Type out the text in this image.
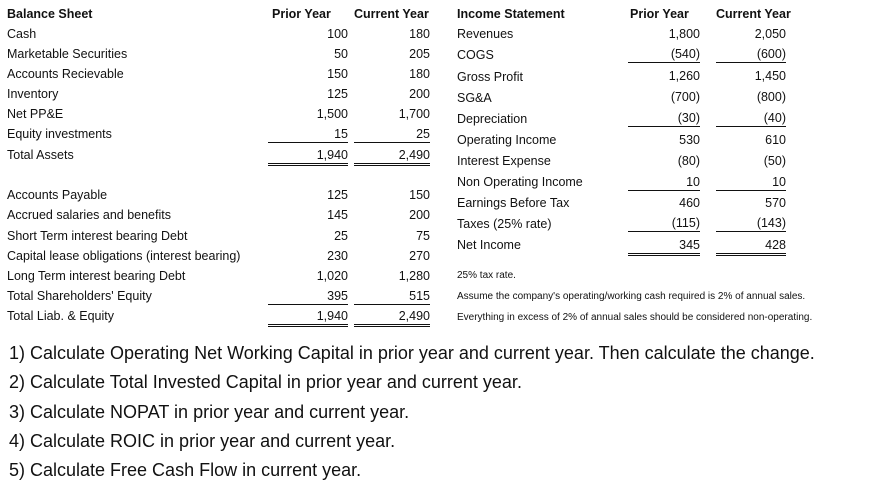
Balance Sheet	Prior Year Current Year
Cash	100	180
Marketable Securities	50	205
Accounts Recievable	150	180
Inventory	125	200
Net PP&E	1,500	1,700
Equity investments	15	25
Total Assets	1,940	2,490
Accounts Payable	125	150
Accrued salaries and benefits	145	200
Short Term interest bearing Debt	25	75
Capital lease obligations (interest bearing)	230	270
Long Term interest bearing Debt	1,020	1,280
Total Shareholders' Equity	395	515
Total Liab. & Equity	1,940	2,490
Income Statement	Prior Year Current Year
Revenues	1,800	2,050
COGS	(540)	(600)
Gross Profit	1,260	1,450
SG&A	(700)	(800)
Depreciation	(30)	(40)
Operating Income	530	610
Interest Expense	(80)	(50)
Non Operating Income	10	10
Earnings Before Tax	460	570
Taxes (25% rate)	(115)	(143)
Net Income	345	428
25% tax rate.
Assume the company's operating/working cash required is 2% of annual sales.
Everything in excess of 2% of annual sales should be considered non-operating.
1) Calculate Operating Net Working Capital in prior year and current year. Then calculate the change.
2) Calculate Total Invested Capital in prior year and current year.
3) Calculate NOPAT in prior year and current year.
4) Calculate ROIC in prior year and current year.
5) Calculate Free Cash Flow in current year.
